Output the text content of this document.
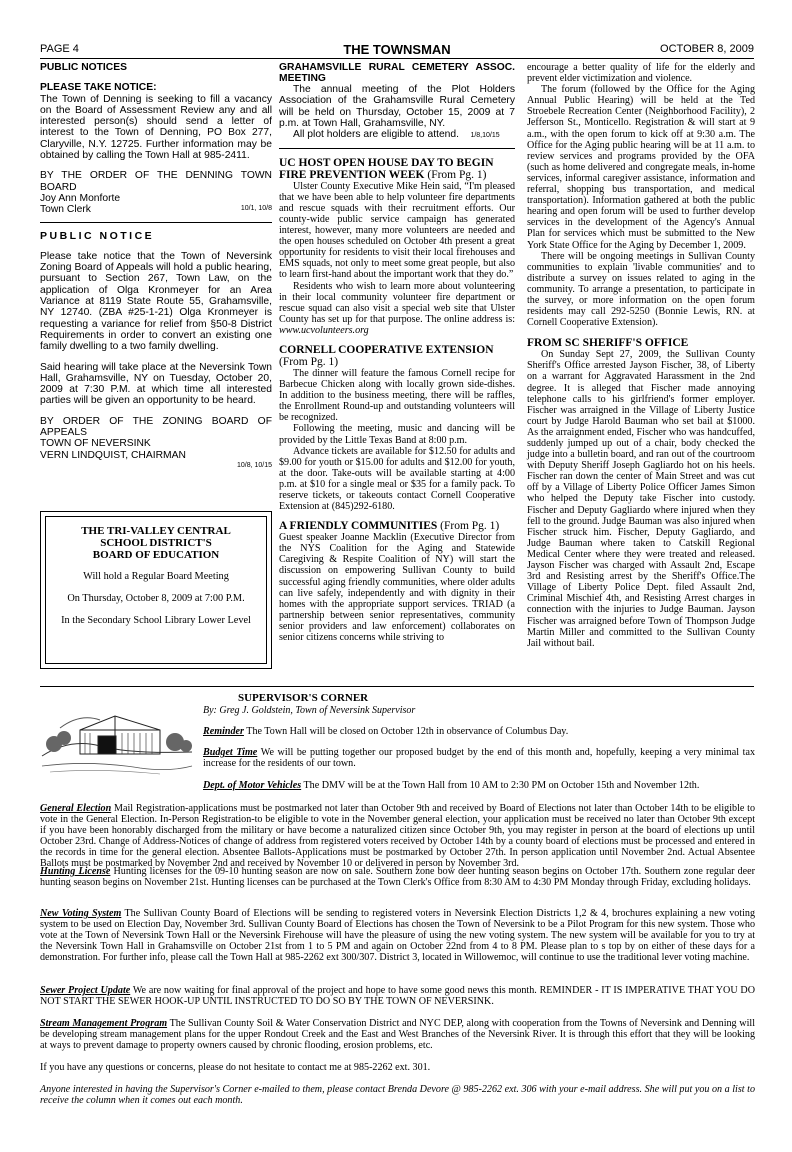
PAGE 4	THE TOWNSMAN	OCTOBER 8, 2009
PUBLIC NOTICES
PLEASE TAKE NOTICE:
The Town of Denning is seeking to fill a vacancy on the Board of Assessment Review any and all interested person(s) should send a letter of interest to the Town of Denning, PO Box 277, Claryville, N.Y. 12725. Further information may be obtained by calling the Town Hall at 985-2411.
BY THE ORDER OF THE DENNING TOWN BOARD
Joy Ann Monforte
Town Clerk	10/1, 10/8
PUBLIC NOTICE
Please take notice that the Town of Neversink Zoning Board of Appeals will hold a public hearing, pursuant to Section 267, Town Law, on the application of Olga Kronmeyer for an Area Variance at 8119 State Route 55, Grahamsville, NY 12740. (ZBA #25-1-21) Olga Kronmeyer is requesting a variance for relief from §50-8 District Requirements in order to convert an existing one family dwelling to a two family dwelling.
Said hearing will take place at the Neversink Town Hall, Grahamsville, NY on Tuesday, October 20, 2009 at 7:30 P.M. at which time all interested parties will be given an opportunity to be heard.
BY ORDER OF THE ZONING BOARD OF APPEALS
TOWN OF NEVERSINK
VERN LINDQUIST, CHAIRMAN
10/8, 10/15
THE TRI-VALLEY CENTRAL
SCHOOL DISTRICT'S
BOARD OF EDUCATION

Will hold a Regular Board Meeting

On Thursday, October 8, 2009 at 7:00 P.M.

In the Secondary School Library Lower Level

GRAHAMSVILLE RURAL CEMETERY ASSOC. MEETING
The annual meeting of the Plot Holders Association of the Grahamsville Rural Cemetery will be held on Thursday, October 15, 2009 at 7 p.m. at Town Hall, Grahamsville, NY.
All plot holders are eligible to attend. 1/8,10/15
UC HOST OPEN HOUSE DAY TO BEGIN FIRE PREVENTION WEEK (From Pg. 1)
Ulster County Executive Mike Hein said, “I'm pleased that we have been able to help volunteer fire departments and rescue squads with their recruitment efforts. Our county-wide public service campaign has generated interest, however, many more volunteers are needed and the open houses scheduled on October 4th present a great opportunity for residents to visit their local firehouses and EMS squads, not only to meet some great people, but also to learn first-hand about the important work that they do.”
Residents who wish to learn more about volunteering in their local community volunteer fire department or rescue squad can also visit a special web site that Ulster County has set up for that purpose. The online address is: www.ucvolunteers.org
CORNELL COOPERATIVE EXTENSION
(From Pg. 1)
The dinner will feature the famous Cornell recipe for Barbecue Chicken along with locally grown side-dishes. In addition to the business meeting, there will be raffles, the Enrollment Round-up and outstanding volunteers will be recognized.
Following the meeting, music and dancing will be provided by the Little Texas Band at 8:00 p.m.
Advance tickets are available for $12.50 for adults and $9.00 for youth or $15.00 for adults and $12.00 for youth, at the door. Take-outs will be available starting at 4:00 p.m. at $10 for a single meal or $35 for a family pack. To reserve tickets, or takeouts contact Cornell Cooperative Extension at (845)292-6180.
A FRIENDLY COMMUNITIES (From Pg. 1)
Guest speaker Joanne Macklin (Executive Director from the NYS Coalition for the Aging and Statewide Caregiving & Respite Coalition of NY) will start the discussion on empowering Sullivan County to build successful aging friendly communities, where older adults can live safely, independently and with dignity in their homes with the appropriate support services. TRIAD (a partnership between senior representatives, community senior providers and law enforcement) collaborates on senior citizens concerns while striving to
encourage a better quality of life for the elderly and prevent elder victimization and violence.
The forum (followed by the Office for the Aging Annual Public Hearing) will be held at the Ted Stroebele Recreation Center (Neighborhood Facility), 2 Jefferson St., Monticello. Registration & will start at 9 a.m., with the open forum to kick off at 9:30 a.m. The Office for the Aging public hearing will be at 11 a.m. to review services and programs provided by the OFA (such as home delivered and congregate meals, in-home services, informal caregiver assistance, information and referral, shopping bus transportation, and medical transportation). Information gathered at both the public hearing and open forum will be used to further develop services in the development of the Agency's Annual Plan for services which must be submitted to the New York State Office for the Aging by December 1, 2009.
There will be ongoing meetings in Sullivan County communities to explain 'livable communities' and to distribute a survey on issues related to aging in the community. To arrange a presentation, to participate in the survey, or more information on the open forum residents may call 292-5250 (Bonnie Lewis, RN. at Cornell Cooperative Extension).
FROM SC SHERIFF'S OFFICE
On Sunday Sept 27, 2009, the Sullivan County Sheriff's Office arrested Jayson Fischer, 38, of Liberty on a warrant for Aggravated Harassment in the 2nd degree. It is alleged that Fischer made annoying telephone calls to his girlfriend's former employer. Fischer was arraigned in the Village of Liberty Justice court by Judge Harold Bauman who set bail at $1000. As the arraignment ended, Fischer who was handcuffed, suddenly jumped up out of a chair, body checked the judge into a bulletin board, and ran out of the courtroom with Deputy Sheriff Joseph Gagliardo hot on his heels. Fischer ran down the center of Main Street and was cut off by a Village of Liberty Police Officer James Simon who helped the Deputy take Fischer into custody. Fischer and Deputy Gagliardo where injured when they fell to the ground. Judge Bauman was also injured when Fischer struck him. Fischer, Deputy Gagliardo, and Judge Bauman where taken to Catskill Regional Medical Center where they were treated and released. Jayson Fischer was charged with Assault 2nd, Escape 3rd and Resisting arrest by the Sheriff's Office.The Village of Liberty Police Dept. filed Assault 2nd, Criminal Mischief 4th, and Resisting Arrest charges in connection with the injuries to Judge Bauman. Jayson Fischer was arraigned before Town of Thompson Judge Martin Miller and committed to the Sullivan County Jail without bail.
SUPERVISOR'S CORNER
By: Greg J. Goldstein, Town of Neversink Supervisor
Reminder The Town Hall will be closed on October 12th in observance of Columbus Day.
Budget Time We will be putting together our proposed budget by the end of this month and, hopefully, keeping a very minimal tax increase for the residents of our town.
Dept. of Motor Vehicles The DMV will be at the Town Hall from 10 AM to 2:30 PM on October 15th and November 12th.
General Election Mail Registration-applications must be postmarked not later than October 9th and received by Board of Elections not later than October 14th to be eligible to vote in the General Election. In-Person Registration-to be eligible to vote in the November general election, your application must be received no later than October 9th except if you have been honorably discharged from the military or have become a naturalized citizen since October 9th, you may register in person at the board of elections up until October 23rd. Change of Address-Notices of change of address from registered voters received by October 14th by a county board of elections must be processed and entered in the records in time for the general election. Absentee Ballots-Applications must be postmarked by October 27th. In person application until November 2nd. Actual Absentee Ballots must be postmarked by November 2nd and received by November 10 or delivered in person by November 3rd.
Hunting License Hunting licenses for the 09-10 hunting season are now on sale. Southern zone bow deer hunting season begins on October 17th. Southern zone regular deer hunting season begins on November 21st. Hunting licenses can be purchased at the Town Clerk's Office from 8:30 AM to 4:30 PM Monday through Friday, excluding holidays.
New Voting System The Sullivan County Board of Elections will be sending to registered voters in Neversink Election Districts 1,2 & 4, brochures explaining a new voting system to be used on Election Day, November 3rd. Sullivan County Board of Elections has chosen the Town of Neversink to be a Pilot Program for this new system. Those who vote at the Town of Neversink Town Hall or the Neversink Firehouse will have the pleasure of using the new voting system. The new system will be available for you to try at the Neversink Town Hall in Grahamsville on October 21st from 1 to 5 PM and again on October 22nd from 4 to 8 PM. Please plan to s top by on either of these days for a demonstration. For further info, please call the Town Hall at 985-2262 ext 300/307. District 3, located in Willowemoc, will continue to use the traditional lever voting machine.
Sewer Project Update We are now waiting for final approval of the project and hope to have some good news this month. REMINDER - IT IS IMPERATIVE THAT YOU DO NOT START THE SEWER HOOK-UP UNTIL INSTRUCTED TO DO SO BY THE TOWN OF NEVERSINK.
Stream Management Program The Sullivan County Soil & Water Conservation District and NYC DEP, along with cooperation from the Towns of Neversink and Denning will be developing stream management plans for the upper Rondout Creek and the East and West Branches of the Neversink River. It is through this effort that they will be looking at ways to prevent damage to property owners caused by chronic flooding, erosion problems, etc.
If you have any questions or concerns, please do not hesitate to contact me at 985-2262 ext. 301.
Anyone interested in having the Supervisor's Corner e-mailed to them, please contact Brenda Devore @ 985-2262 ext. 306 with your e-mail address. She will put you on a list to receive the column when it comes out each month.
